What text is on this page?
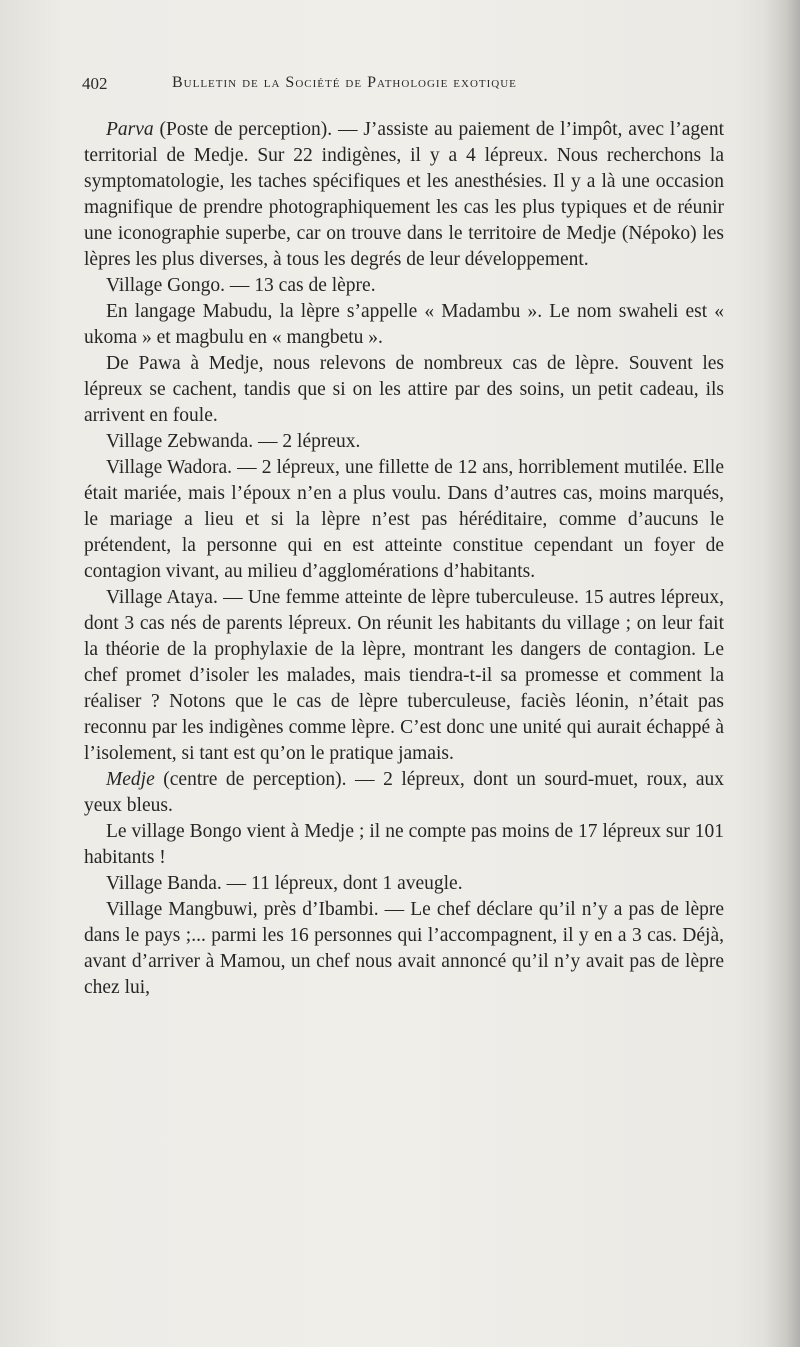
402	Bulletin de la Société de Pathologie exotique

Parva (Poste de perception). — J’assiste au paiement de l’impôt, avec l’agent territorial de Medje. Sur 22 indigènes, il y a 4 lépreux. Nous recherchons la symptomatologie, les taches spécifiques et les anesthésies. Il y a là une occasion magnifique de prendre photographiquement les cas les plus typiques et de réunir une iconographie superbe, car on trouve dans le territoire de Medje (Népoko) les lèpres les plus diverses, à tous les degrés de leur développement.

Village Gongo. — 13 cas de lèpre.

En langage Mabudu, la lèpre s’appelle « Madambu ». Le nom swaheli est « ukoma » et magbulu en « mangbetu ».

De Pawa à Medje, nous relevons de nombreux cas de lèpre. Souvent les lépreux se cachent, tandis que si on les attire par des soins, un petit cadeau, ils arrivent en foule.

Village Zebwanda. — 2 lépreux.

Village Wadora. — 2 lépreux, une fillette de 12 ans, horriblement mutilée. Elle était mariée, mais l’époux n’en a plus voulu. Dans d’autres cas, moins marqués, le mariage a lieu et si la lèpre n’est pas héréditaire, comme d’aucuns le prétendent, la personne qui en est atteinte constitue cependant un foyer de contagion vivant, au milieu d’agglomérations d’habitants.

Village Ataya. — Une femme atteinte de lèpre tuberculeuse. 15 autres lépreux, dont 3 cas nés de parents lépreux. On réunit les habitants du village ; on leur fait la théorie de la prophylaxie de la lèpre, montrant les dangers de contagion. Le chef promet d’isoler les malades, mais tiendra-t-il sa promesse et comment la réaliser ? Notons que le cas de lèpre tuberculeuse, faciès léonin, n’était pas reconnu par les indigènes comme lèpre. C’est donc une unité qui aurait échappé à l’isolement, si tant est qu’on le pratique jamais.

Medje (centre de perception). — 2 lépreux, dont un sourd-muet, roux, aux yeux bleus.

Le village Bongo vient à Medje ; il ne compte pas moins de 17 lépreux sur 101 habitants !

Village Banda. — 11 lépreux, dont 1 aveugle.

Village Mangbuwi, près d’Ibambi. — Le chef déclare qu’il n’y a pas de lèpre dans le pays ;... parmi les 16 personnes qui l’accompagnent, il y en a 3 cas. Déjà, avant d’arriver à Mamou, un chef nous avait annoncé qu’il n’y avait pas de lèpre chez lui,
